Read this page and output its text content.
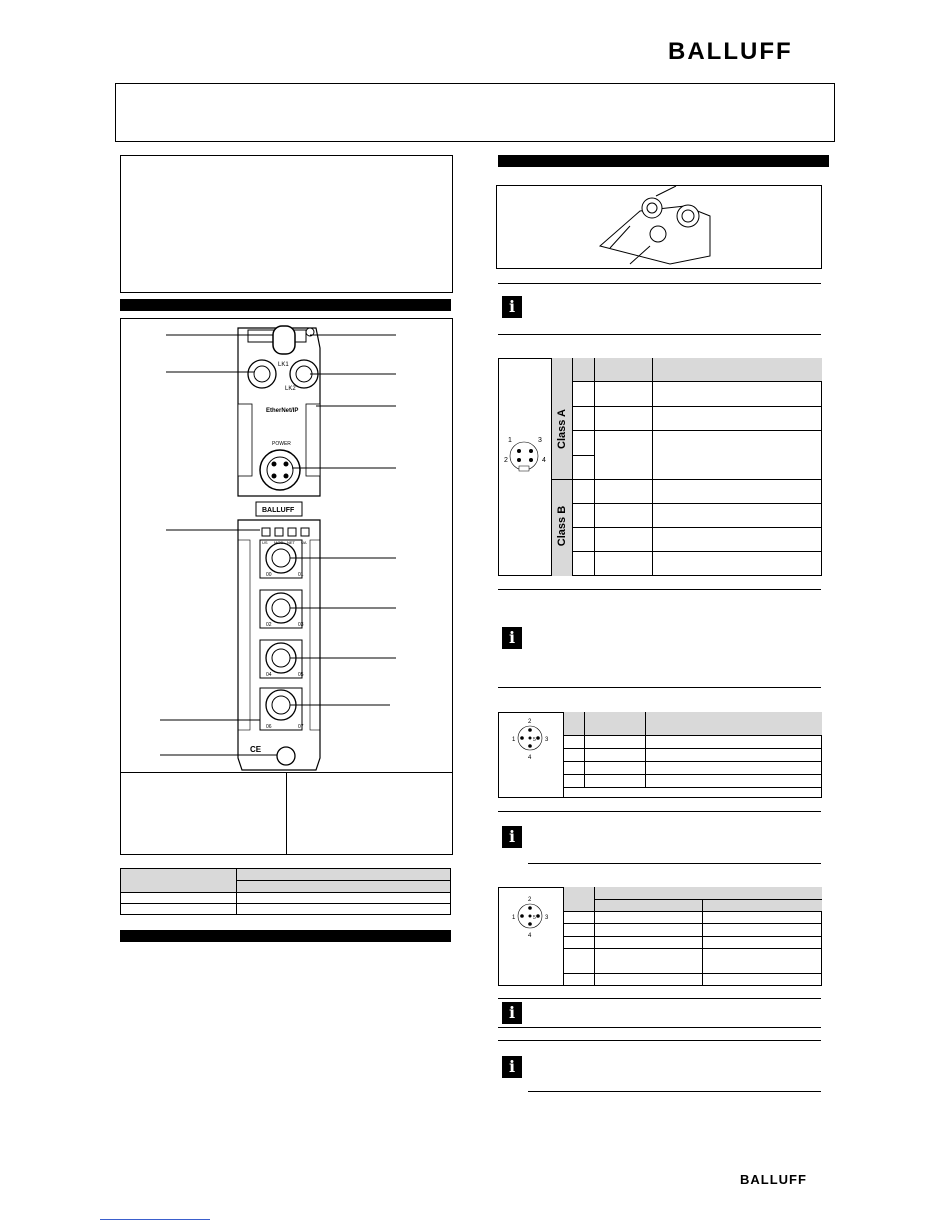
BALLUFF
LK1
LK2
EtherNet/IP
POWER
BALLUFF
CE
US MOD NET UA
00	01
02	03
04	05
06	07

i
Class A
Class B
1	3
2	4
i
2
1	3
4
5
i
2
1	3
4
5
i
i
BALLUFF
